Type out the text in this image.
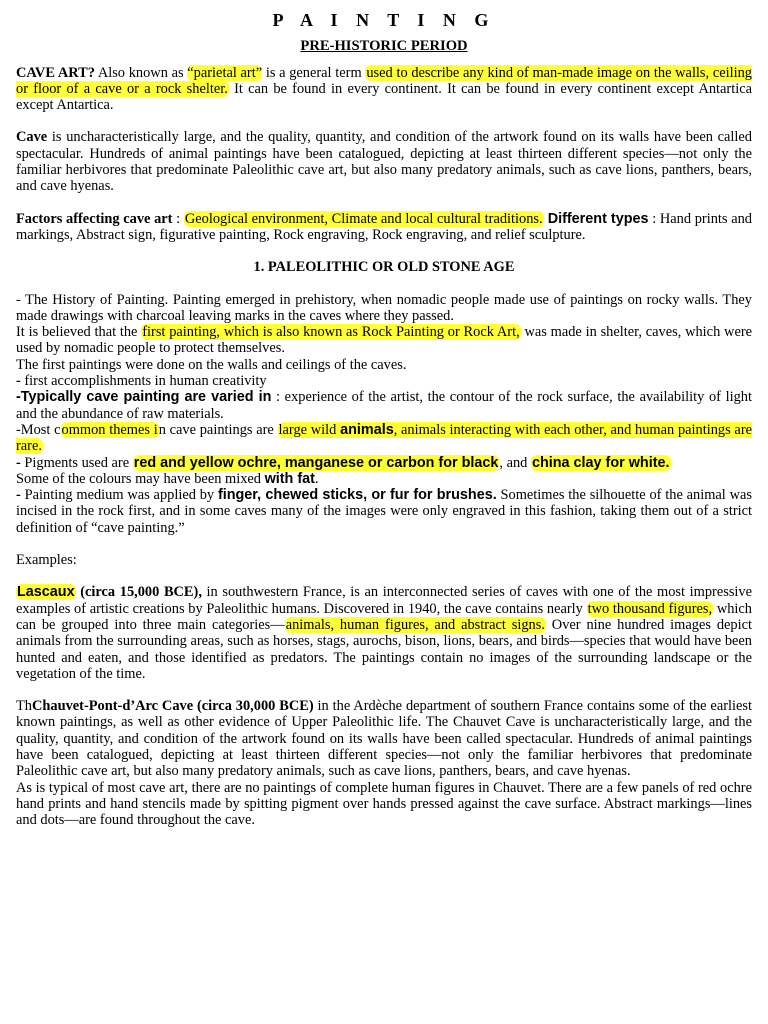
P A I N T I N G
PRE-HISTORIC PERIOD

CAVE ART? Also known as “parietal art” is a general term used to describe any kind of man-made image on the walls, ceiling or floor of a cave or a rock shelter. It can be found in every continent. It can be found in every continent except Antartica except Antartica.

Cave is uncharacteristically large, and the quality, quantity, and condition of the artwork found on its walls have been called spectacular. Hundreds of animal paintings have been catalogued, depicting at least thirteen different species—not only the familiar herbivores that predominate Paleolithic cave art, but also many predatory animals, such as cave lions, panthers, bears, and cave hyenas.

Factors affecting cave art : Geological environment, Climate and local cultural traditions. Different types : Hand prints and markings, Abstract sign, figurative painting, Rock engraving, Rock engraving, and relief sculpture.

1. PALEOLITHIC OR OLD STONE AGE

- The History of Painting. Painting emerged in prehistory, when nomadic people made use of paintings on rocky walls. They made drawings with charcoal leaving marks in the caves where they passed.

It is believed that the first painting, which is also known as Rock Painting or Rock Art, was made in shelter, caves, which were used by nomadic people to protect themselves.

The first paintings were done on the walls and ceilings of the caves.

- first accomplishments in human creativity

-Typically cave painting are varied in : experience of the artist, the contour of the rock surface, the availability of light and the abundance of raw materials.

-Most common themes in cave paintings are large wild animals, animals interacting with each other, and human paintings are rare.

- Pigments used are red and yellow ochre, manganese or carbon for black, and china clay for white.

Some of the colours may have been mixed with fat.

- Painting medium was applied by finger, chewed sticks, or fur for brushes. Sometimes the silhouette of the animal was incised in the rock first, and in some caves many of the images were only engraved in this fashion, taking them out of a strict definition of “cave painting.”

Examples:

Lascaux (circa 15,000 BCE), in southwestern France, is an interconnected series of caves with one of the most impressive examples of artistic creations by Paleolithic humans. Discovered in 1940, the cave contains nearly two thousand figures, which can be grouped into three main categories—animals, human figures, and abstract signs. Over nine hundred images depict animals from the surrounding areas, such as horses, stags, aurochs, bison, lions, bears, and birds—species that would have been hunted and eaten, and those identified as predators. The paintings contain no images of the surrounding landscape or the vegetation of the time.

ThChauvet-Pont-d’Arc Cave (circa 30,000 BCE) in the Ardèche department of southern France contains some of the earliest known paintings, as well as other evidence of Upper Paleolithic life. The Chauvet Cave is uncharacteristically large, and the quality, quantity, and condition of the artwork found on its walls have been called spectacular. Hundreds of animal paintings have been catalogued, depicting at least thirteen different species—not only the familiar herbivores that predominate Paleolithic cave art, but also many predatory animals, such as cave lions, panthers, bears, and cave hyenas.

As is typical of most cave art, there are no paintings of complete human figures in Chauvet. There are a few panels of red ochre hand prints and hand stencils made by spitting pigment over hands pressed against the cave surface. Abstract markings—lines and dots—are found throughout the cave.
